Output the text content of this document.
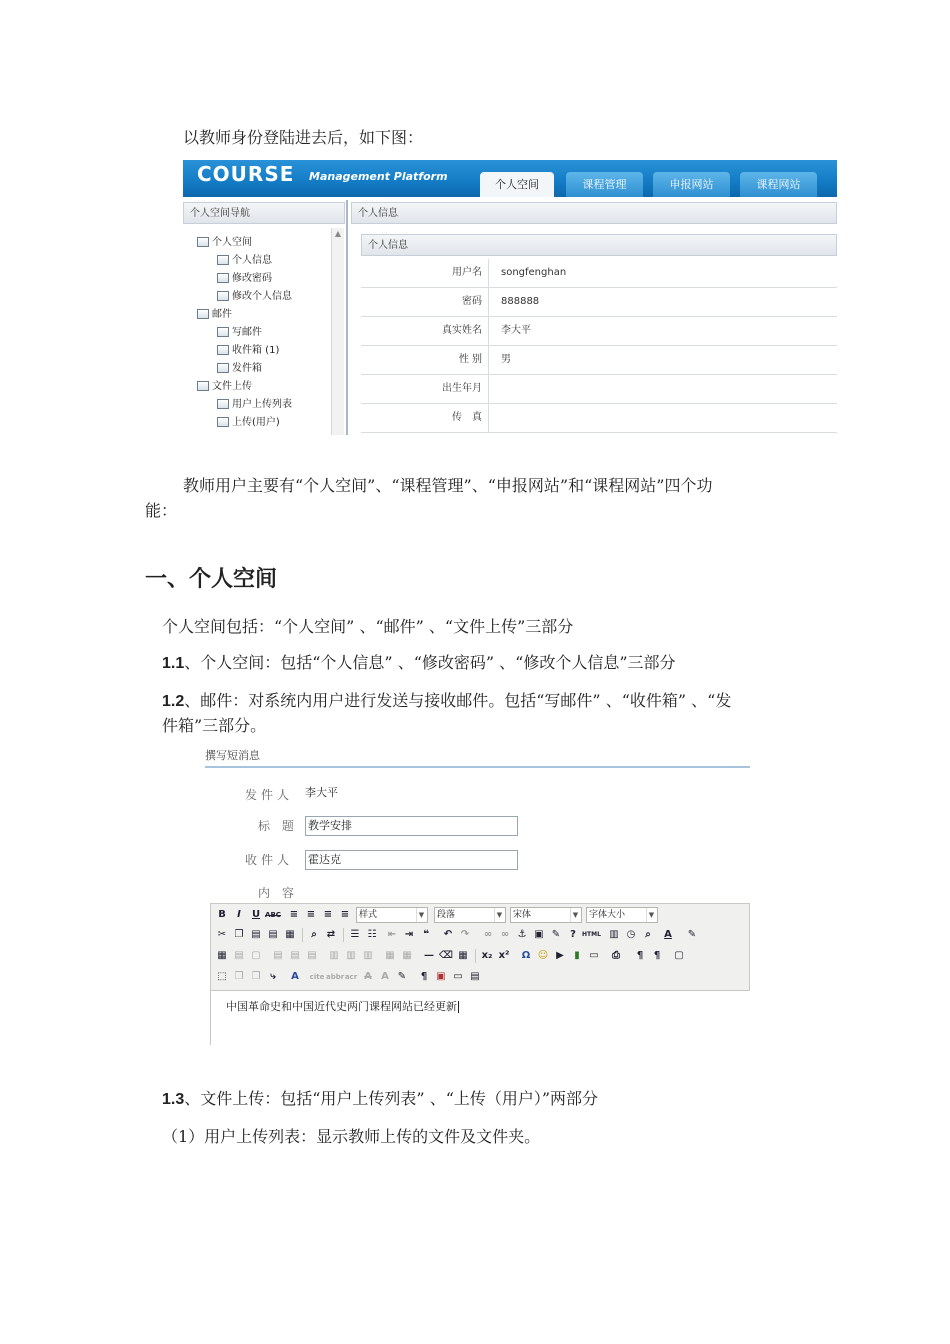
以教师身份登陆进去后，如下图：
COURSE Management Platform
个人空间	课程管理	申报网站	课程网站
个人空间导航	个人信息
个人信息
个人空间
个人信息
修改密码
修改个人信息
邮件
写邮件
收件箱 (1)
发件箱
文件上传
用户上传列表
上传(用户)
▲
用户名	songfenghan
密码	888888
真实姓名	李大平
性 别	男
出生年月
传　真
教师用户主要有“个人空间”、“课程管理”、“申报网站”和“课程网站”四个功
能：
一、个人空间
个人空间包括：“个人空间” 、“邮件” 、“文件上传”三部分
1.1、个人空间：包括“个人信息” 、“修改密码” 、“修改个人信息”三部分
1.2、邮件：对系统内用户进行发送与接收邮件。包括“写邮件” 、“收件箱” 、“发
件箱”三部分。
撰写短消息
发件人	李大平
标 题 教学安排
收件人	霍达克
内 容
B	I	U ABC ≡ ≡ ≡ ≡	样式	▼	段落	▼	宋体	▼	字体大小	▼
✂ ❐ ▤ ▤ ▦	⌕	⇄	☰ ☷	⇤ ⇥ ❝	↶ ↷	∞ ∞ ⚓ ▣ ✎ ?	HTML ▥ ◷ ⌕	A	✎
▦ ▤ ▢	▤ ▤ ▤	▥ ▥ ▥	▦ ▦	— ⌫ ▦	x₂ x²	Ω ☺ ▶	▮ ▭	⎙	¶	¶	▢
⬚ ❐ ❐ ⤷	A	cite abbr acr A A ✎	¶ ▣ ▭ ▤
中国革命史和中国近代史两门课程网站已经更新
1.3、文件上传：包括“用户上传列表” 、“上传（用户）”两部分
（1）用户上传列表：显示教师上传的文件及文件夹。
